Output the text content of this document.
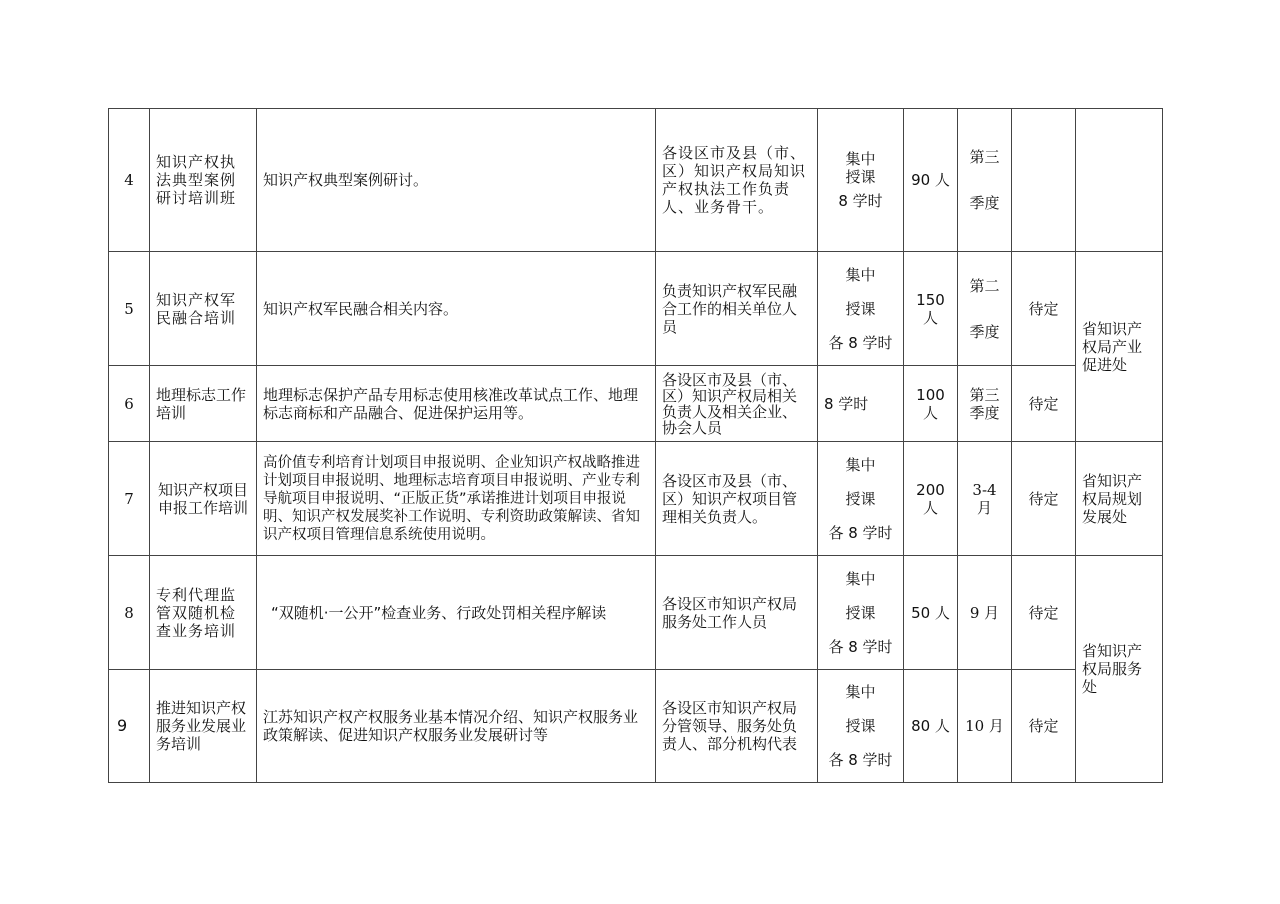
4	知识产权执法典型案例研讨培训班	知识产权典型案例研讨。	各设区市及县（市、区）知识产权局知识产权执法工作负责人、业务骨干。	集中
授课
8 学时	90 人	第三
季度		

5	知识产权军民融合培训	知识产权军民融合相关内容。	负责知识产权军民融合工作的相关单位人员	集中
授课
各 8 学时	150 人	第二
季度	待定	省知识产权局产业促进处
6	地理标志工作培训	地理标志保护产品专用标志使用核准改革试点工作、地理标志商标和产品融合、促进保护运用等。	各设区市及县（市、区）知识产权局相关负责人及相关企业、协会人员	8 学时	100 人	第三
季度	待定	
7	知识产权项目申报工作培训	高价值专利培育计划项目申报说明、企业知识产权战略推进计划项目申报说明、地理标志培育项目申报说明、产业专利导航项目申报说明、“正版正货”承诺推进计划项目申报说明、知识产权发展奖补工作说明、专利资助政策解读、省知识产权项目管理信息系统使用说明。	各设区市及县（市、区）知识产权项目管理相关负责人。	集中
授课
各 8 学时	200 人	3-4 月	待定	省知识产权局规划发展处
8	专利代理监管双随机检查业务培训	“双随机·一公开”检查业务、行政处罚相关程序解读	各设区市知识产权局服务处工作人员	集中
授课
各 8 学时	50 人	9 月	待定	省知识产权局服务处
9	推进知识产权服务业发展业务培训	江苏知识产权产权服务业基本情况介绍、知识产权服务业政策解读、促进知识产权服务业发展研讨等	各设区市知识产权局分管领导、服务处负责人、部分机构代表	集中
授课
各 8 学时	80 人	10 月	待定	
